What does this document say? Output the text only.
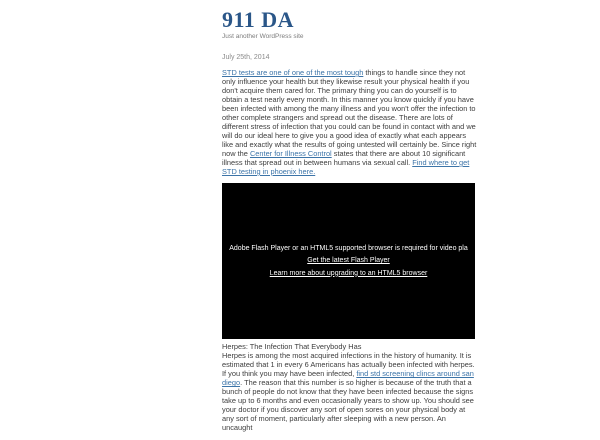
911 DA
Just another WordPress site
July 25th, 2014

STD tests are one of one of the most tough things to handle since they not only influence your health but they likewise result your physical health if you don't acquire them cared for. The primary thing you can do yourself is to obtain a test nearly every month. In this manner you know quickly if you have been infected with among the many illness and you won't offer the infection to other complete strangers and spread out the disease. There are lots of different stress of infection that you could can be found in contact with and we will do our ideal here to give you a good idea of exactly what each appears like and exactly what the results of going untested will certainly be. Since right now the Center for Illness Control states that there are about 10 significant illness that spread out in between humans via sexual call. Find where to get STD testing in phoenix here.

Adobe Flash Player or an HTML5 supported browser is required for video pla
Get the latest Flash Player
Learn more about upgrading to an HTML5 browser
Herpes: The Infection That Everybody Has

Herpes is among the most acquired infections in the history of humanity. It is estimated that 1 in every 6 Americans has actually been infected with herpes. If you think you may have been infected, find std screening clincs around san diego. The reason that this number is so higher is because of the truth that a bunch of people do not know that they have been infected because the signs take up to 6 months and even occasionally years to show up. You should see your doctor if you discover any sort of open sores on your physical body at any sort of moment, particularly after sleeping with a new person. An uncaught
